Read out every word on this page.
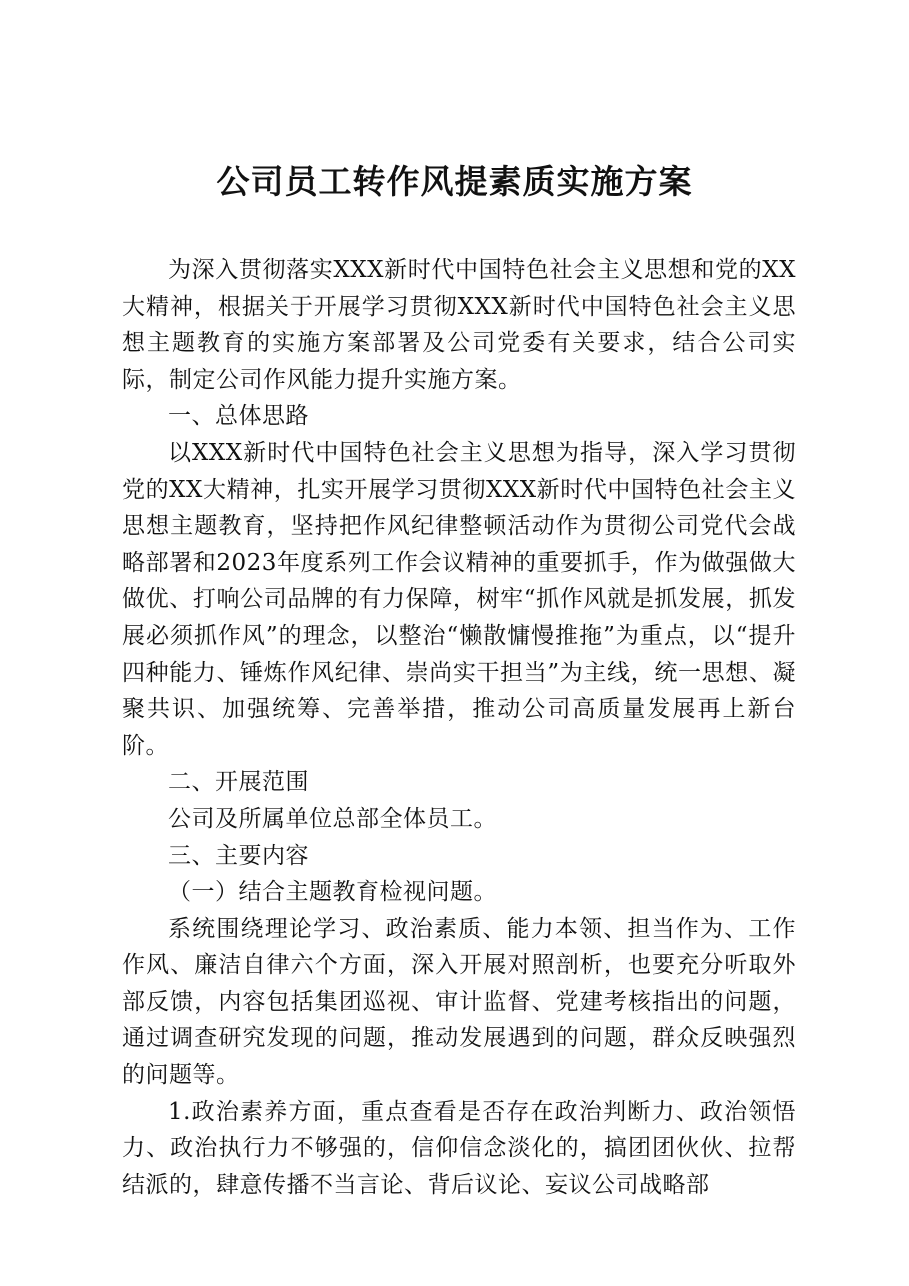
公司员工转作风提素质实施方案

为深入贯彻落实XXX新时代中国特色社会主义思想和党的XX大精神，根据关于开展学习贯彻XXX新时代中国特色社会主义思想主题教育的实施方案部署及公司党委有关要求，结合公司实际，制定公司作风能力提升实施方案。

一、总体思路

以XXX新时代中国特色社会主义思想为指导，深入学习贯彻党的XX大精神，扎实开展学习贯彻XXX新时代中国特色社会主义思想主题教育，坚持把作风纪律整顿活动作为贯彻公司党代会战略部署和2023年度系列工作会议精神的重要抓手，作为做强做大做优、打响公司品牌的有力保障，树牢“抓作风就是抓发展，抓发展必须抓作风”的理念，以整治“懒散慵慢推拖”为重点，以“提升四种能力、锤炼作风纪律、崇尚实干担当”为主线，统一思想、凝聚共识、加强统筹、完善举措，推动公司高质量发展再上新台阶。

二、开展范围

公司及所属单位总部全体员工。

三、主要内容

（一）结合主题教育检视问题。

系统围绕理论学习、政治素质、能力本领、担当作为、工作作风、廉洁自律六个方面，深入开展对照剖析，也要充分听取外部反馈，内容包括集团巡视、审计监督、党建考核指出的问题，通过调查研究发现的问题，推动发展遇到的问题，群众反映强烈的问题等。

1.政治素养方面，重点查看是否存在政治判断力、政治领悟力、政治执行力不够强的，信仰信念淡化的，搞团团伙伙、拉帮结派的，肆意传播不当言论、背后议论、妄议公司战略部
